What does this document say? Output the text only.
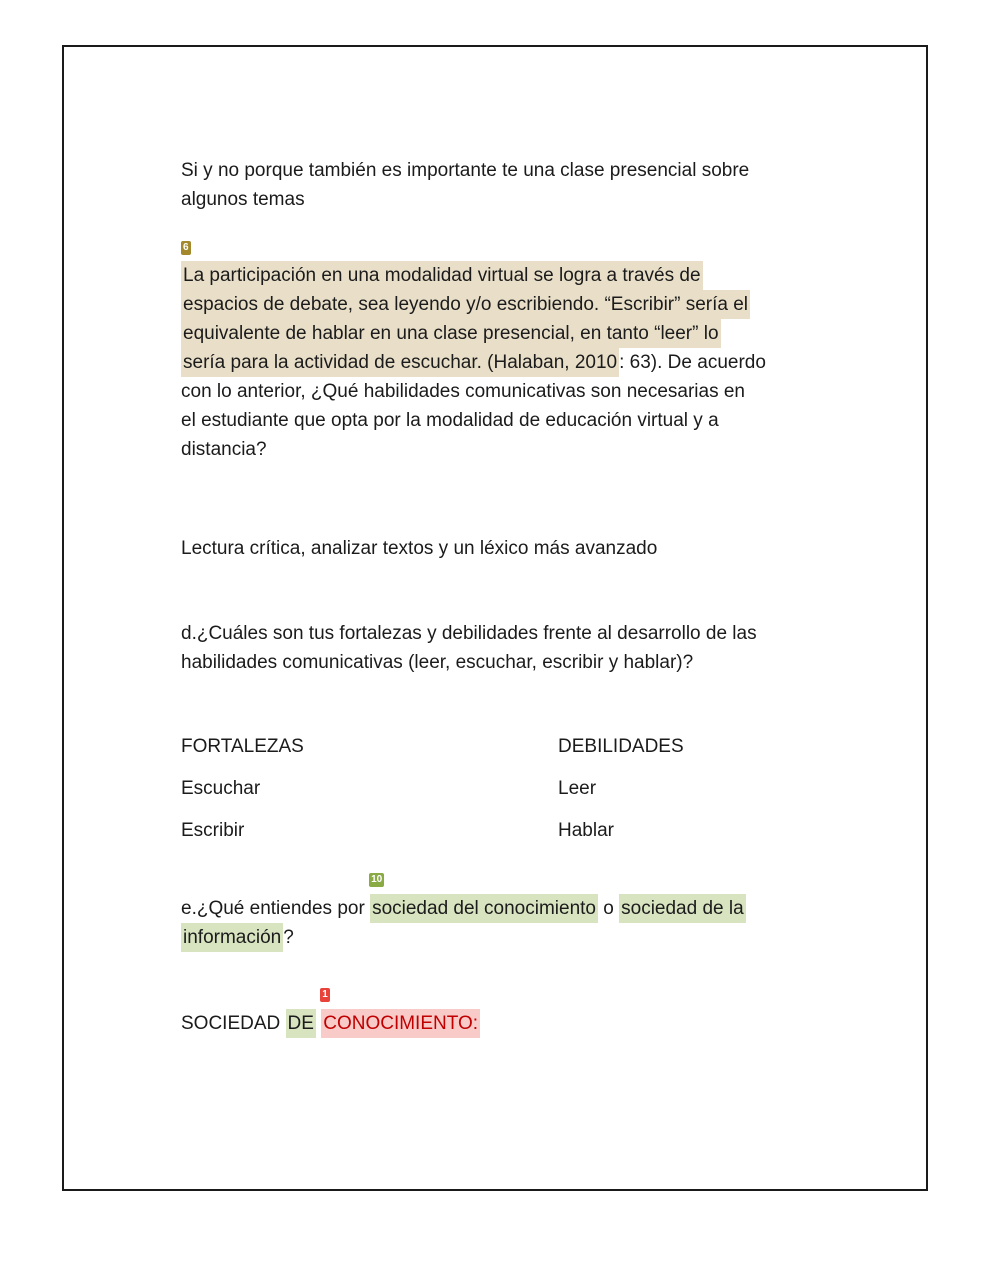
Si y no porque también es importante te una clase presencial sobre
algunos temas
6
La participación en una modalidad virtual se logra a través de
espacios de debate, sea leyendo y/o escribiendo. “Escribir” sería el
equivalente de hablar en una clase presencial, en tanto “leer” lo
sería para la actividad de escuchar. (Halaban, 2010 : 63). De acuerdo
con lo anterior, ¿Qué habilidades comunicativas son necesarias en
el estudiante que opta por la modalidad de educación virtual y a
distancia?
Lectura crítica, analizar textos y un léxico más avanzado
d.¿Cuáles son tus fortalezas y debilidades frente al desarrollo de las
habilidades comunicativas (leer, escuchar, escribir y hablar)?
FORTALEZAS	DEBILIDADES
Escuchar	Leer
Escribir	Hablar
e.¿Qué entiendes por
10
sociedad del conocimiento o sociedad de la
información ?
SOCIEDAD DE
1
CONOCIMIENTO:
